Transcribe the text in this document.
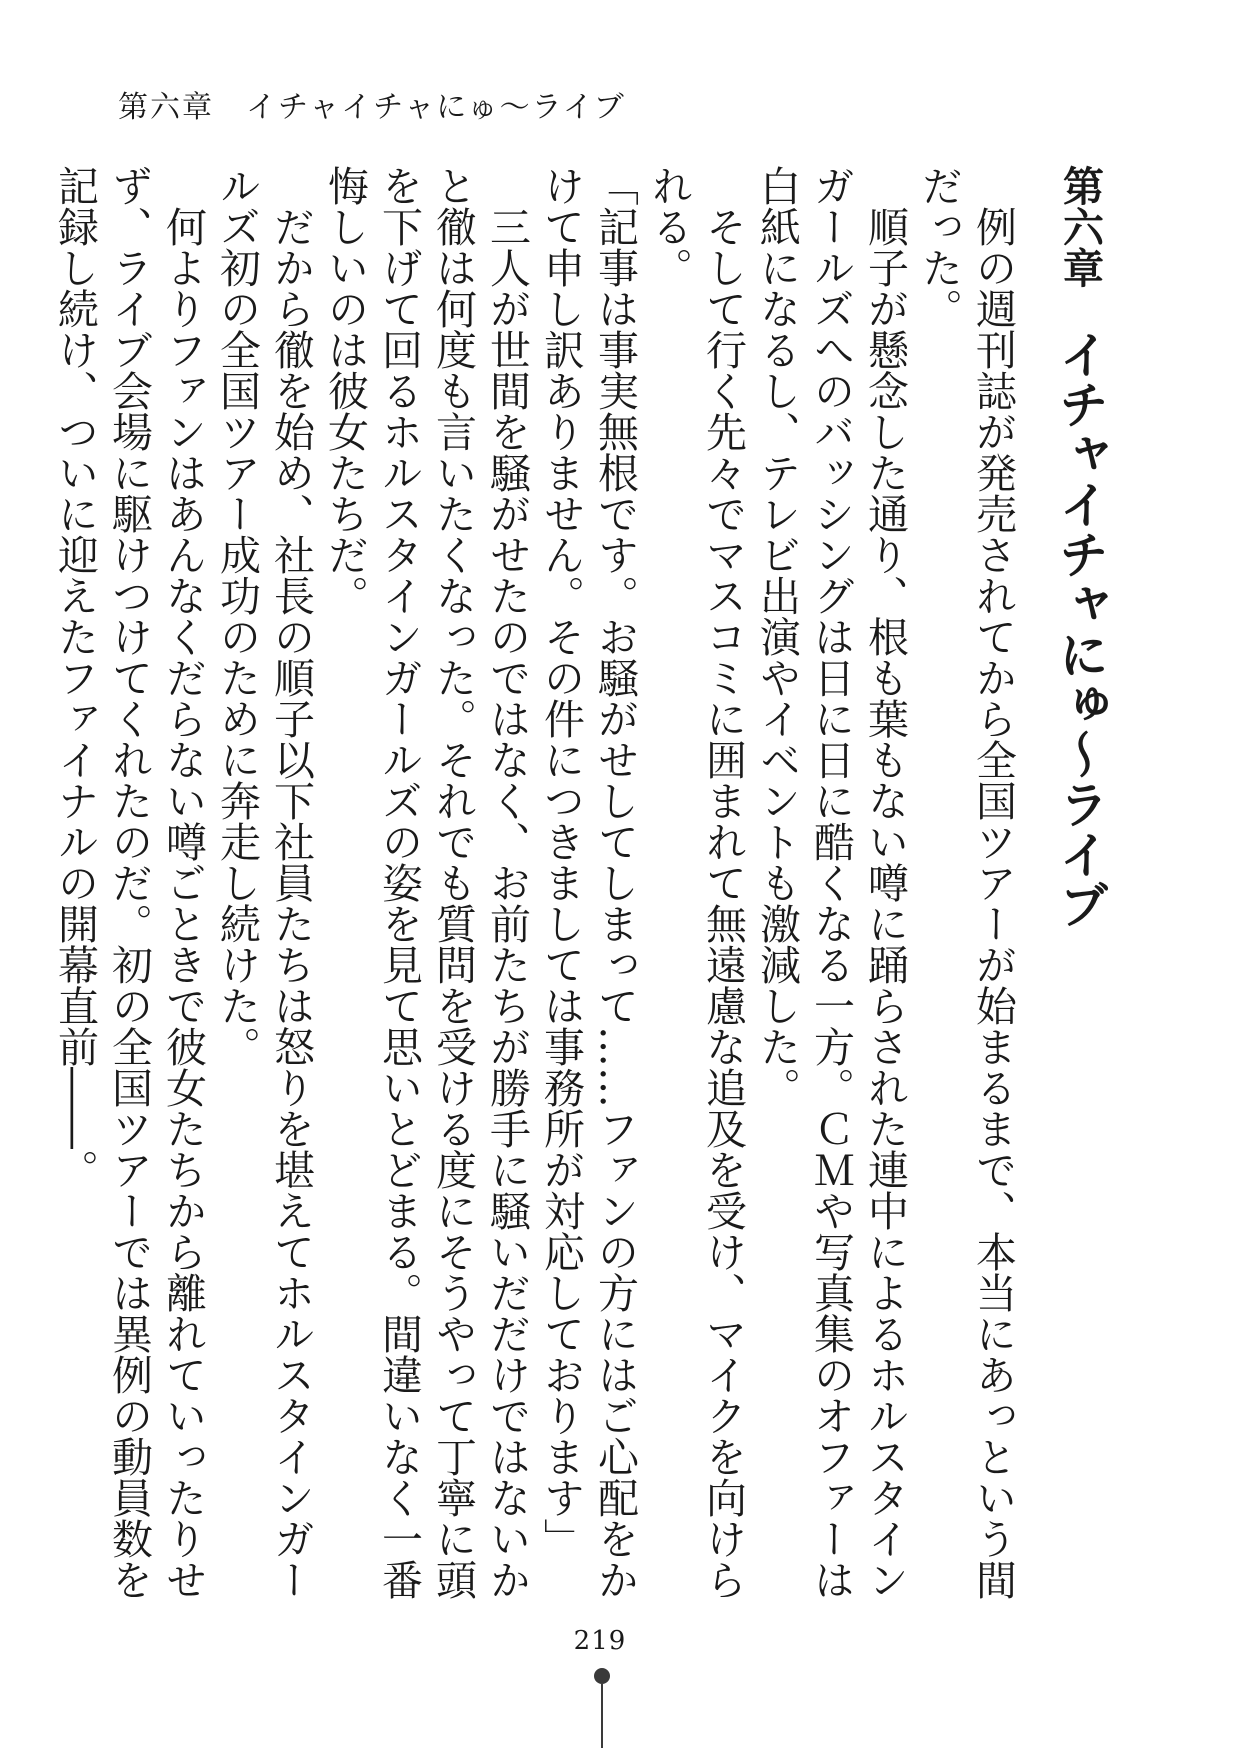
第六章　イチャイチャにゅ〜ライブ
第六章イチャイチャにゅ〜ライブ

例の週刊誌が発売されてから全国ツアーが始まるまで、本当にあっという間だった。

順子が懸念した通り、根も葉もない噂に踊らされた連中によるホルスタインガールズへのバッシングは日に日に酷くなる一方。ＣＭや写真集のオファーは白紙になるし、テレビ出演やイベントも激減した。

そして行く先々でマスコミに囲まれて無遠慮な追及を受け、マイクを向けられる。

「記事は事実無根です。お騒がせしてしまって……ファンの方にはご心配をかけて申し訳ありません。その件につきましては事務所が対応しております」

三人が世間を騒がせたのではなく、お前たちが勝手に騒いだだけではないかと徹は何度も言いたくなった。それでも質問を受ける度にそうやって丁寧に頭を下げて回るホルスタインガールズの姿を見て思いとどまる。間違いなく一番悔しいのは彼女たちだ。

だから徹を始め、社長の順子以下社員たちは怒りを堪えてホルスタインガールズ初の全国ツアー成功のために奔走し続けた。

何よりファンはあんなくだらない噂ごときで彼女たちから離れていったりせず、ライブ会場に駆けつけてくれたのだ。初の全国ツアーでは異例の動員数を記録し続け、ついに迎えたファイナルの開幕直前――。

219
